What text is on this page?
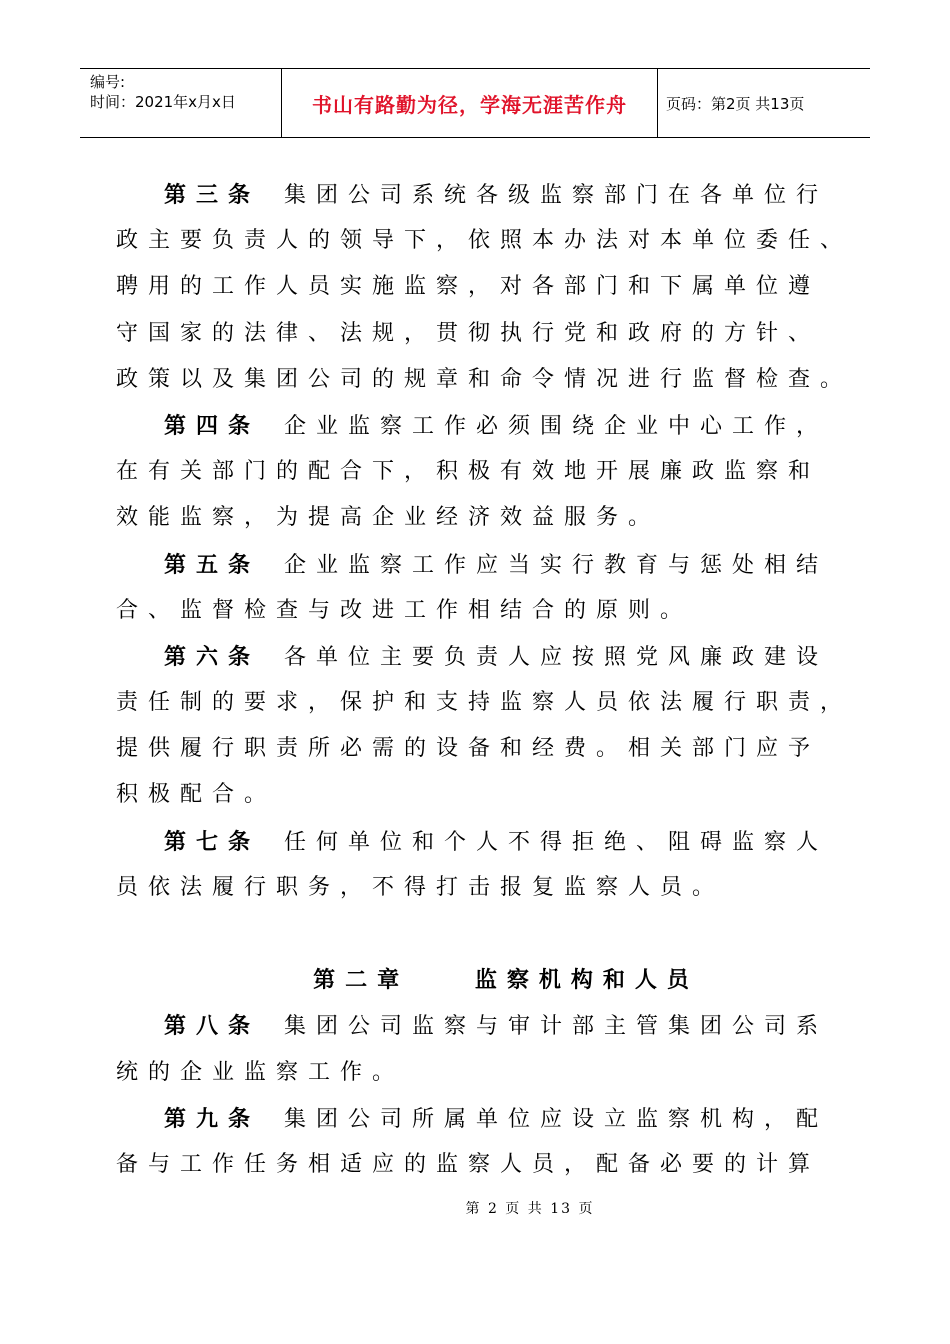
编号:
时间：2021年x月x日	书山有路勤为径，学海无涯苦作舟	页码：第2页 共13页
第三条 集团公司系统各级监察部门在各单位行
政主要负责人的领导下，依照本办法对本单位委任、
聘用的工作人员实施监察，对各部门和下属单位遵
守国家的法律、法规，贯彻执行党和政府的方针、
政策以及集团公司的规章和命令情况进行监督检查。
第四条 企业监察工作必须围绕企业中心工作，
在有关部门的配合下，积极有效地开展廉政监察和
效能监察，为提高企业经济效益服务。
第五条 企业监察工作应当实行教育与惩处相结
合、监督检查与改进工作相结合的原则。
第六条 各单位主要负责人应按照党风廉政建设
责任制的要求，保护和支持监察人员依法履行职责，
提供履行职责所必需的设备和经费。相关部门应予
积极配合。
第七条 任何单位和个人不得拒绝、阻碍监察人
员依法履行职务，不得打击报复监察人员。
第二章	监察机构和人员
第八条 集团公司监察与审计部主管集团公司系
统的企业监察工作。
第九条 集团公司所属单位应设立监察机构，配
备与工作任务相适应的监察人员，配备必要的计算
第 2 页 共 13 页
